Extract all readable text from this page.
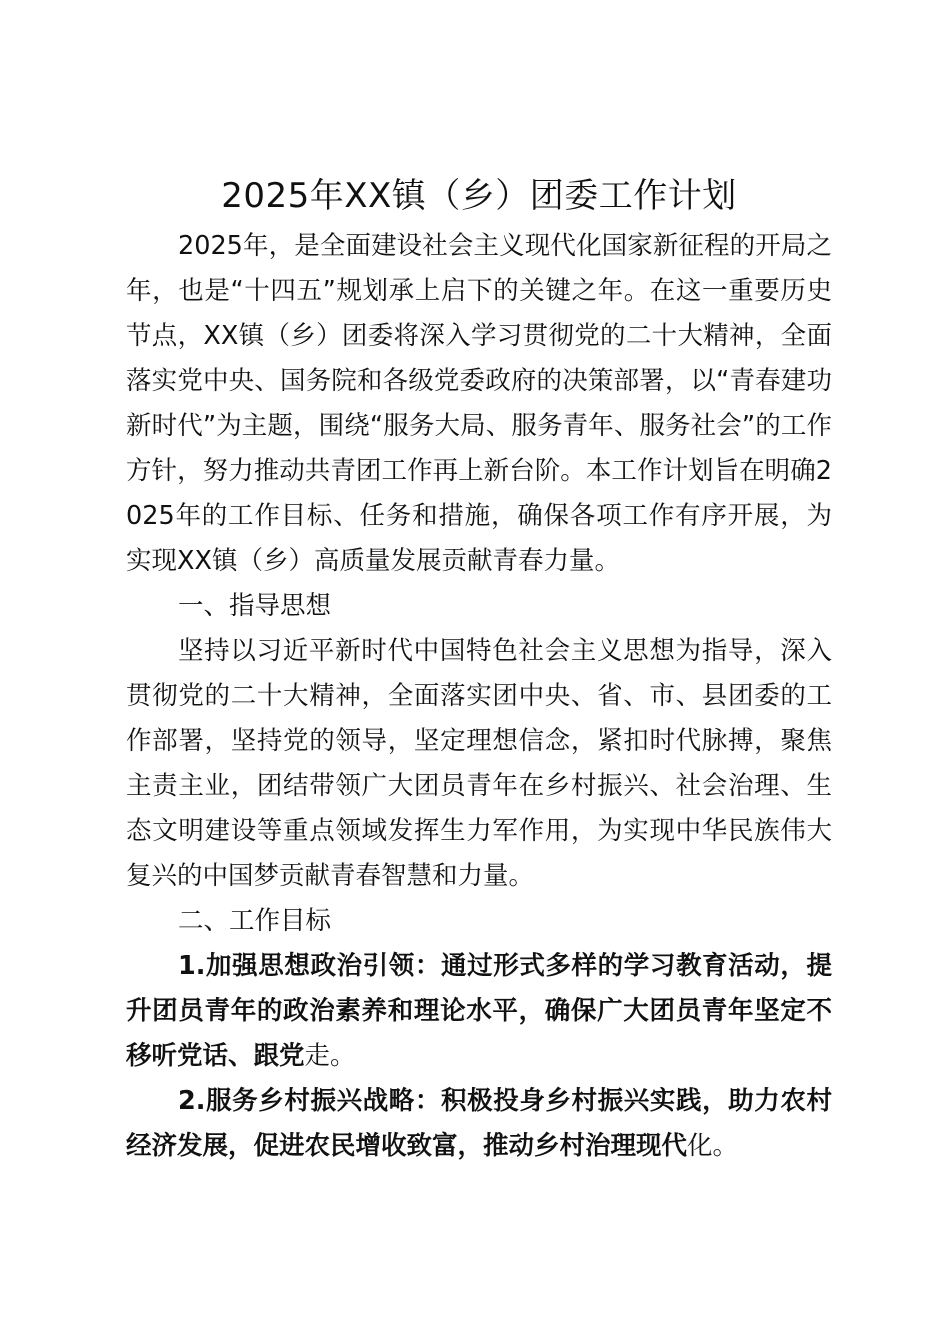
2025年XX镇（乡）团委工作计划

2025年，是全面建设社会主义现代化国家新征程的开局之年，也是“十四五”规划承上启下的关键之年。在这一重要历史节点，XX镇（乡）团委将深入学习贯彻党的二十大精神，全面落实党中央、国务院和各级党委政府的决策部署，以“青春建功新时代”为主题，围绕“服务大局、服务青年、服务社会”的工作方针，努力推动共青团工作再上新台阶。本工作计划旨在明确2025年的工作目标、任务和措施，确保各项工作有序开展，为实现XX镇（乡）高质量发展贡献青春力量。

一、指导思想

坚持以习近平新时代中国特色社会主义思想为指导，深入贯彻党的二十大精神，全面落实团中央、省、市、县团委的工作部署，坚持党的领导，坚定理想信念，紧扣时代脉搏，聚焦主责主业，团结带领广大团员青年在乡村振兴、社会治理、生态文明建设等重点领域发挥生力军作用，为实现中华民族伟大复兴的中国梦贡献青春智慧和力量。

二、工作目标

1.加强思想政治引领：通过形式多样的学习教育活动，提升团员青年的政治素养和理论水平，确保广大团员青年坚定不移听党话、跟党走。

2.服务乡村振兴战略：积极投身乡村振兴实践，助力农村经济发展，促进农民增收致富，推动乡村治理现代化。
